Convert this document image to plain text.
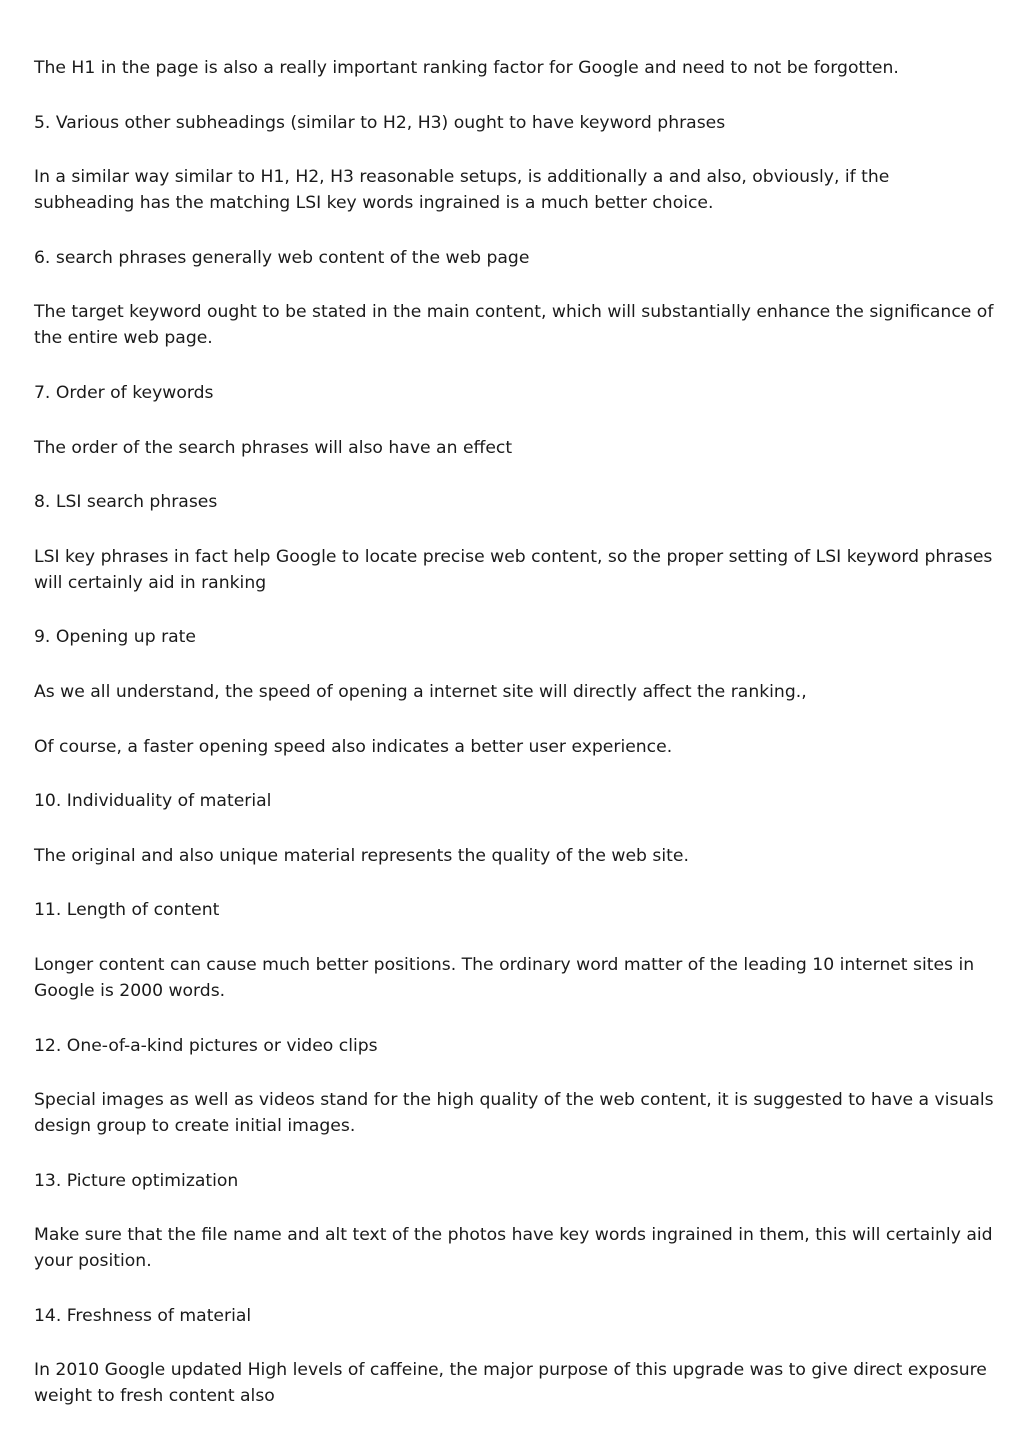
The H1 in the page is also a really important ranking factor for Google and need to not be forgotten.

5. Various other subheadings (similar to H2, H3) ought to have keyword phrases

In a similar way similar to H1, H2, H3 reasonable setups, is additionally a and also, obviously, if the subheading has the matching LSI key words ingrained is a much better choice.

6. search phrases generally web content of the web page

The target keyword ought to be stated in the main content, which will substantially enhance the significance of the entire web page.

7. Order of keywords

The order of the search phrases will also have an effect

8. LSI search phrases

LSI key phrases in fact help Google to locate precise web content, so the proper setting of LSI keyword phrases will certainly aid in ranking

9. Opening up rate

As we all understand, the speed of opening a internet site will directly affect the ranking.,

Of course, a faster opening speed also indicates a better user experience.

10. Individuality of material

The original and also unique material represents the quality of the web site.

11. Length of content

Longer content can cause much better positions. The ordinary word matter of the leading 10 internet sites in Google is 2000 words.

12. One-of-a-kind pictures or video clips

Special images as well as videos stand for the high quality of the web content, it is suggested to have a visuals design group to create initial images.

13. Picture optimization

Make sure that the file name and alt text of the photos have key words ingrained in them, this will certainly aid your position.

14. Freshness of material

In 2010 Google updated High levels of caffeine, the major purpose of this upgrade was to give direct exposure weight to fresh content also
